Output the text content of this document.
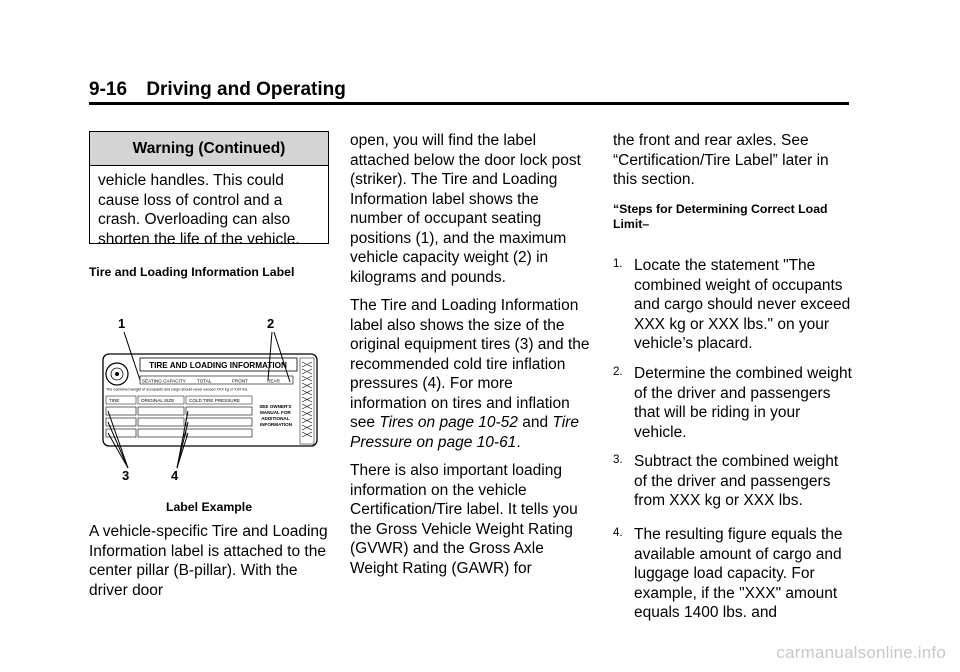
9-16 Driving and Operating
Warning (Continued)
vehicle handles. This could cause loss of control and a crash. Overloading can also shorten the life of the vehicle.

Tire and Loading Information Label

1	2
3	4
TIRE AND LOADING INFORMATION
SEATING CAPACITY TOTAL	FRONT	REAR
The combined weight of occupants and cargo should never exceed XXX kg or XXX lbs.
TIRE	ORIGINAL SIZE	COLD TIRE PRESSURE
SEE OWNER'S MANUAL FOR ADDITIONAL INFORMATION
Label Example

A vehicle-specific Tire and Loading Information label is attached to the center pillar (B-pillar). With the driver door

open, you will find the label attached below the door lock post (striker). The Tire and Loading Information label shows the number of occupant seating positions (1), and the maximum vehicle capacity weight (2) in kilograms and pounds.

The Tire and Loading Information label also shows the size of the original equipment tires (3) and the recommended cold tire inflation pressures (4). For more information on tires and inflation see Tires on page 10-52 and Tire Pressure on page 10-61.

There is also important loading information on the vehicle Certification/Tire label. It tells you the Gross Vehicle Weight Rating (GVWR) and the Gross Axle Weight Rating (GAWR) for

the front and rear axles. See “Certification/Tire Label” later in this section.

“Steps for Determining Correct Load Limit–

1. Locate the statement "The combined weight of occupants and cargo should never exceed XXX kg or XXX lbs." on your vehicle’s placard.
2. Determine the combined weight of the driver and passengers that will be riding in your vehicle.
3. Subtract the combined weight of the driver and passengers from XXX kg or XXX lbs.
4. The resulting figure equals the available amount of cargo and luggage load capacity. For example, if the "XXX" amount equals 1400 lbs. and
carmanualsonline.info
